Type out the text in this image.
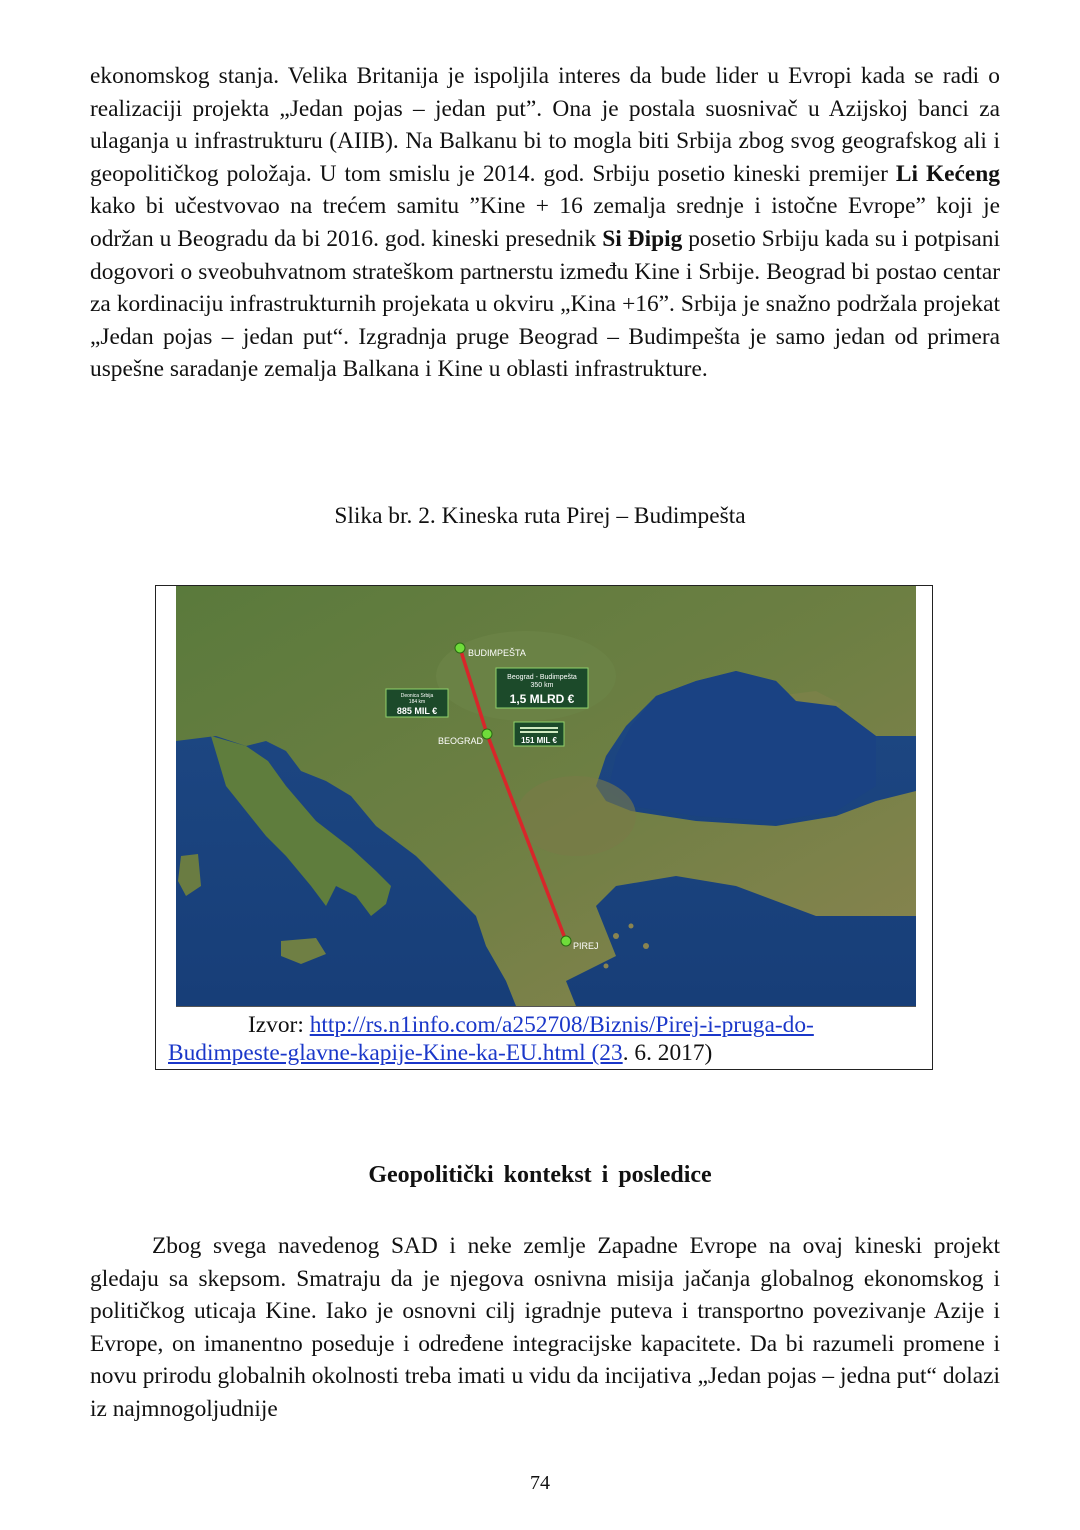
ekonomskog stanja. Velika Britanija je ispoljila interes da bude lider u Evropi kada se radi o realizaciji projekta „Jedan pojas – jedan put”. Ona je postala suosnivač u Azijskoj banci za ulaganja u infrastrukturu (AIIB). Na Balkanu bi to mogla biti Srbija zbog svog geografskog ali i geopolitičkog položaja. U tom smislu je 2014. god. Srbiju posetio kineski premijer Li Kećeng kako bi učestvovao na trećem samitu ”Kine + 16 zemalja srednje i istočne Evrope” koji je održan u Beogradu da bi 2016. god. kineski presednik Si Đipig posetio Srbiju kada su i potpisani dogovori o sveobuhvatnom strateškom partnerstu između Kine i Srbije. Beograd bi postao centar za kordinaciju infrastrukturnih projekata u okviru „Kina +16”. Srbija je snažno podržala projekat „Jedan pojas – jedan put“. Izgradnja pruge Beograd – Budimpešta je samo jedan od primera uspešne saradanje zemalja Balkana i Kine u oblasti infrastrukture.

Slika br. 2. Kineska ruta Pirej – Budimpešta

BUDIMPEŠTA
BEOGRAD
PIREJ
Beograd - Budimpešta
350 km
1,5 MLRD €
Deonica Srbija
184 km
885 MIL €
151 MIL €
Izvor: http://rs.n1info.com/a252708/Biznis/Pirej-i-pruga-do-Budimpeste-glavne-kapije-Kine-ka-EU.html (23. 6. 2017)

Geopolitički kontekst i posledice

Zbog svega navedenog SAD i neke zemlje Zapadne Evrope na ovaj kineski projekt gledaju sa skepsom. Smatraju da je njegova osnivna misija jačanja globalnog ekonomskog i političkog uticaja Kine. Iako je osnovni cilj igradnje puteva i transportno povezivanje Azije i Evrope, on imanentno poseduje i određene integracijske kapacitete. Da bi razumeli promene i novu prirodu globalnih okolnosti treba imati u vidu da incijativa „Jedan pojas – jedna put“ dolazi iz najmnogoljudnije

74
